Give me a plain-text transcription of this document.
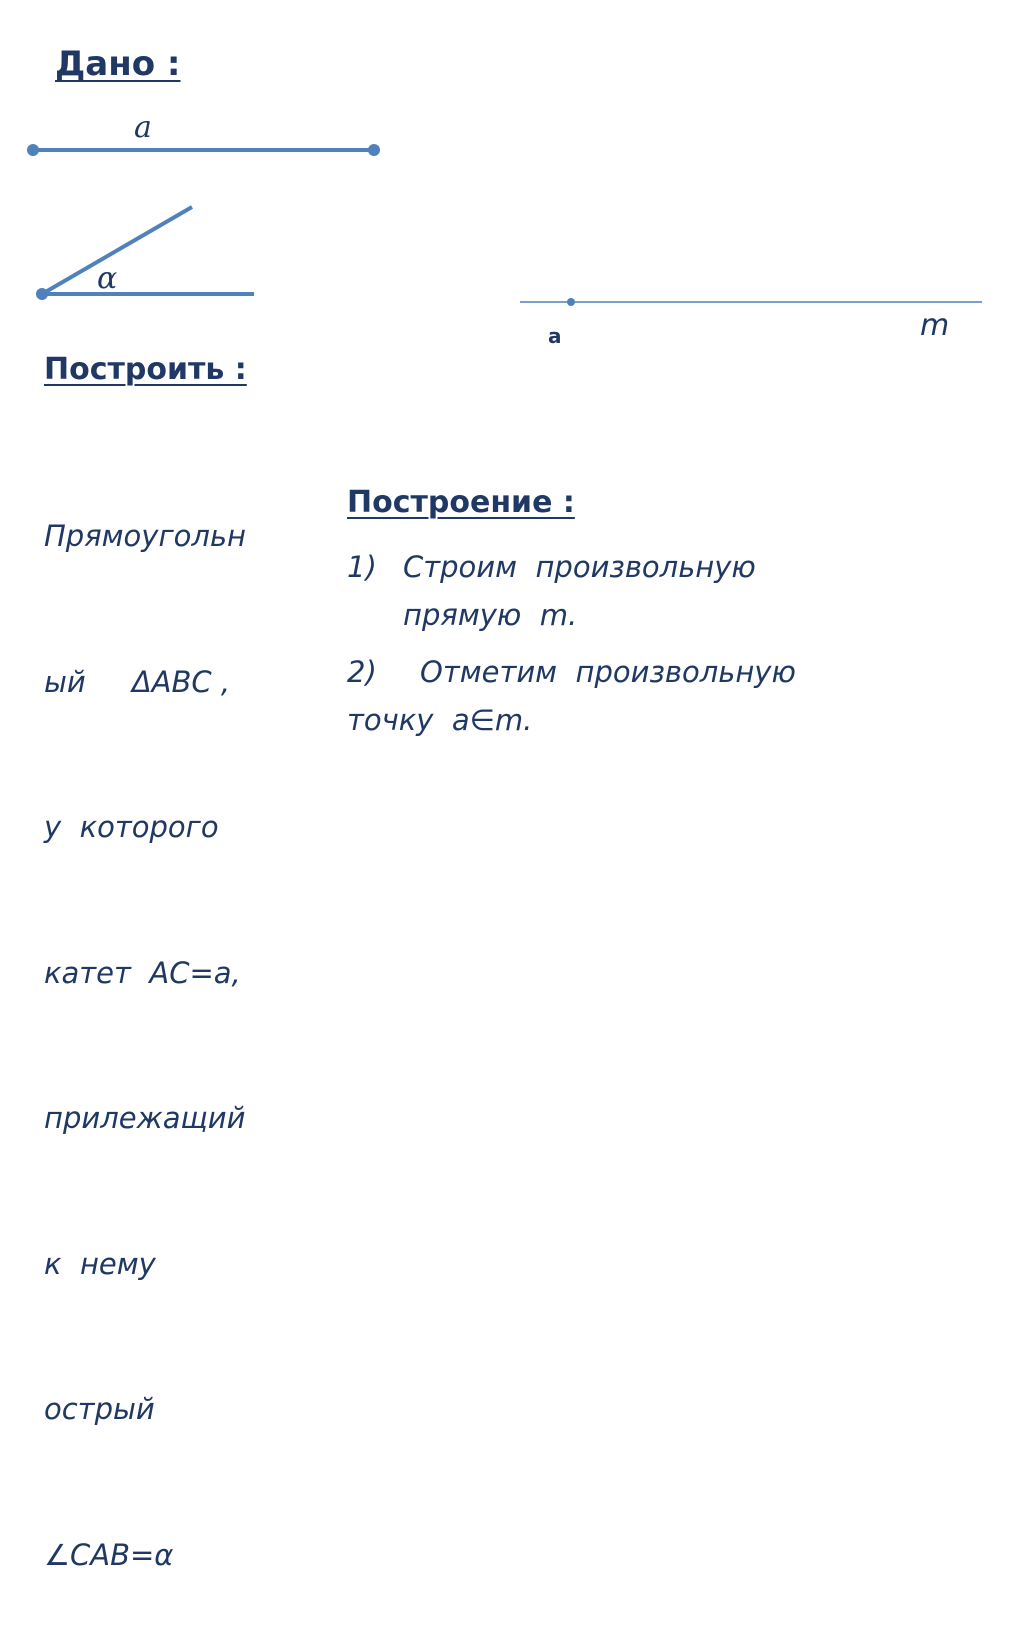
Дано :
a
α
a	m
Построить :

Прямоугольн

ый     ΔABC ,

у  которого

катет  AC=a,

прилежащий

к  нему

острый

∠CAB=α

Построение :
1) Строим  произвольную
прямую  m.
2) Отметим  произвольную
точку  a∈m.
